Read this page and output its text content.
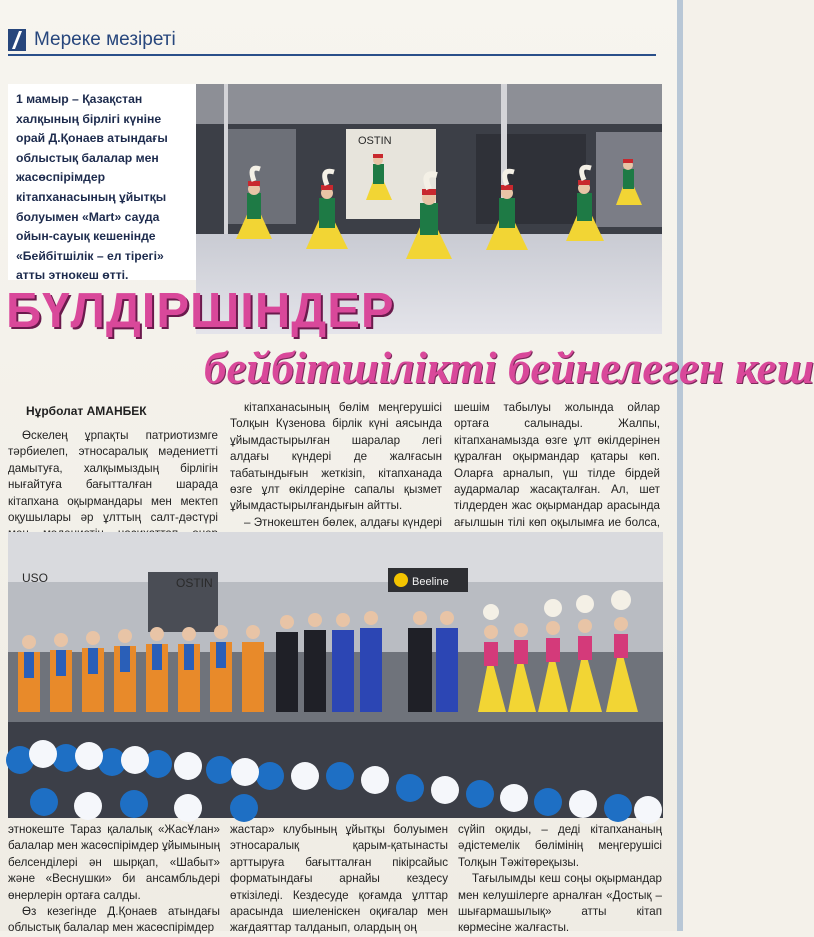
Мереке мезіреті
1 мамыр – Қазақстан халқының бірлігі күніне орай Д.Қонаев атындағы облыстық балалар мен жасөспірімдер кітапханасының ұйытқы болуымен «Mart» сауда ойын-сауық кешенінде «Бейбітшілік – ел тірегі» атты этнокеш өтті.
OSTIN
БҮЛДІРШІНДЕР
бейбітшілікті бейнелеген кеш
Нұрболат АМАНБЕК

Өскелең ұрпақты патриотизмге тәрбиелеп, этносаралық мәдениетті дамытуға, халқымыздың бірлігін нығайтуға бағытталған шарада кітапхана оқырмандары мен мектеп оқушылары әр ұлттың салт-дәстүрі

кітапханасының бөлім меңгерушісі Толқын Күзенова бірлік күні аясында ұйымдастырылған шаралар легі алдағы күндері де жалғасын табатындығын жеткізіп, кітапханада өзге ұлт өкілдеріне сапалы қызмет ұйымдастырылғандығын айтты.

– Этнокештен бөлек, алдағы күндері

шешім табылуы жолында ойлар ортаға салынады. Жалпы, кітапханамызда өзге ұлт өкілдерінен құралған оқырмандар қатары көп. Оларға арналып, үш тілде бірдей аудармалар жасақталған. Ал, шет тілдерден жас оқырмандар арасында ағылшын тілі көп оқылымға ие болса,

Beeline
OSTIN
USO

этнокеште Тараз қалалық «ЖасҰлан» балалар мен жасөспірімдер ұйымының белсенділері ән шырқап, «Шабыт» және «Веснушки» би ансамбльдері өнерлерін ортаға салды.

Өз кезегінде Д.Қонаев атындағы облыстық балалар мен жасөспірімдер

жастар» клубының ұйытқы болуымен этносаралық қарым-қатынасты арттыруға бағытталған пікірсайыс форматындағы арнайы кездесу өткізіледі. Кездесуде қоғамда ұлттар арасында шиеленіскен оқиғалар мен жағдаяттар талданып, олардың оң

сүйіп оқиды, – деді кітапхананың әдістемелік бөлімінің меңгерушісі Толқын Тәжітөреқызы.

Тағылымды кеш соңы оқырмандар мен келушілерге арналған «Достық – шығармашылық» атты кітап көрмесіне жалғасты.
